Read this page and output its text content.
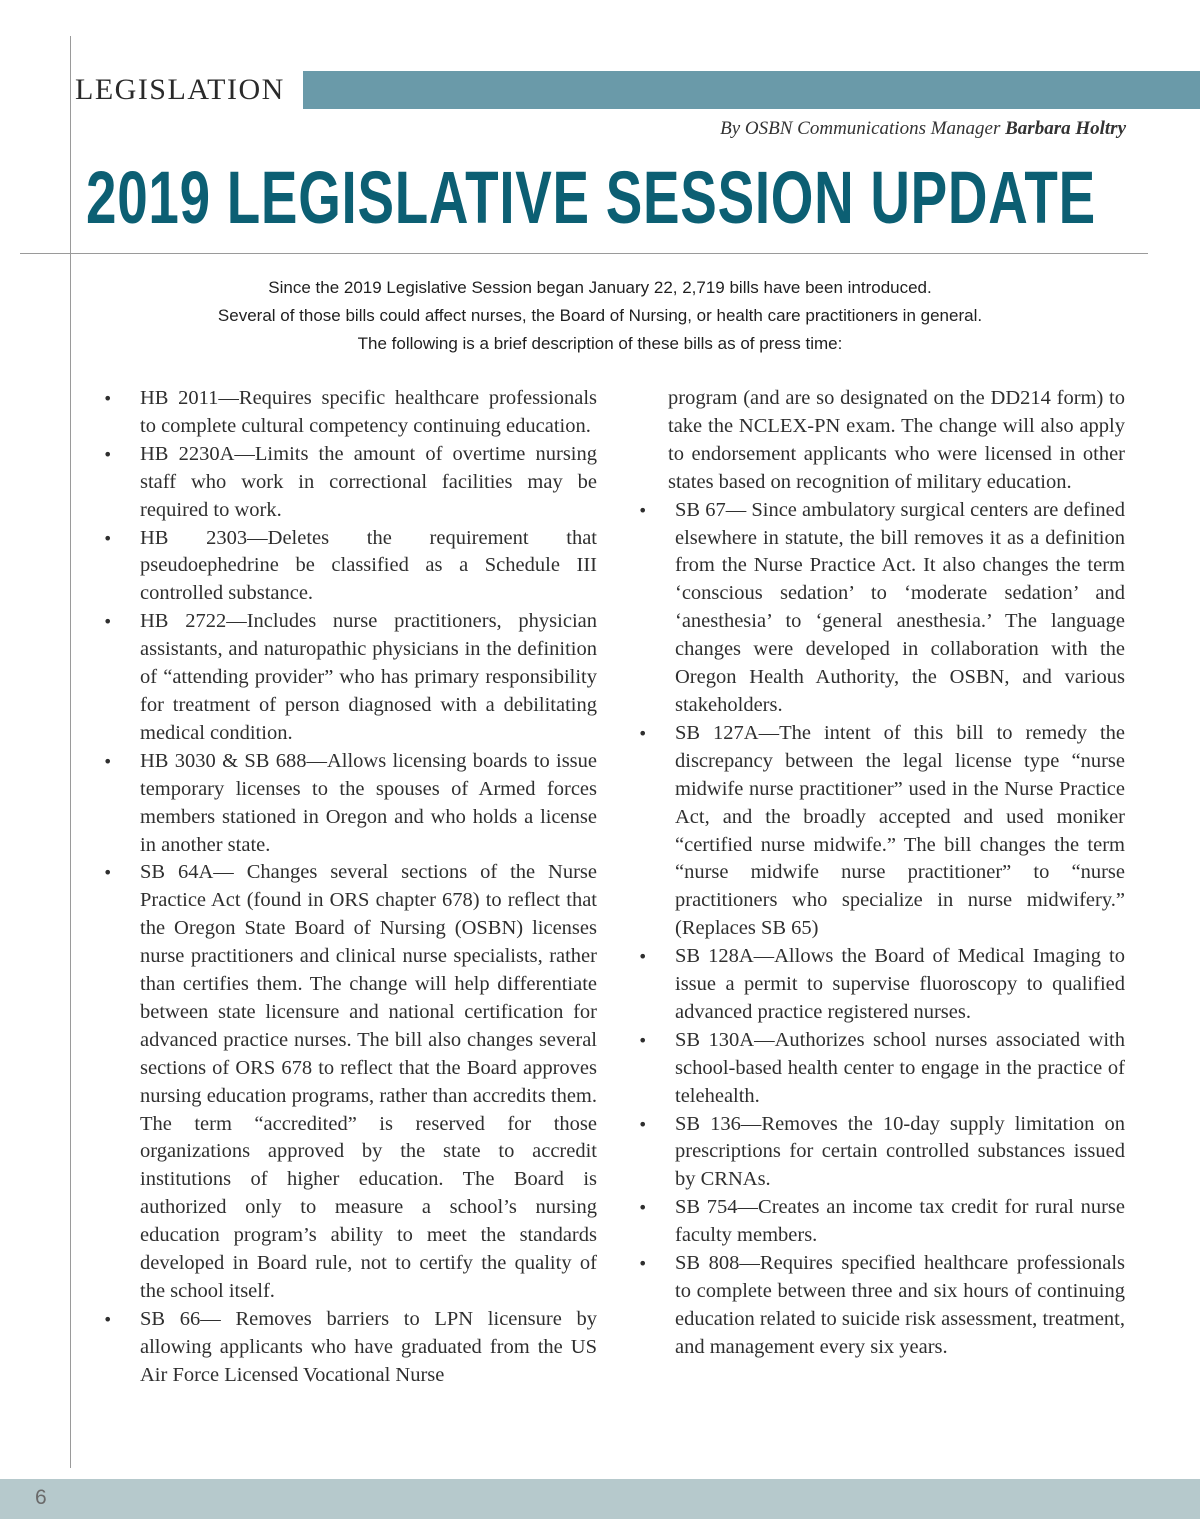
LEGISLATION
By OSBN Communications Manager Barbara Holtry
2019 LEGISLATIVE SESSION UPDATE
Since the 2019 Legislative Session began January 22, 2,719 bills have been introduced.
Several of those bills could affect nurses, the Board of Nursing, or health care practitioners in general.
The following is a brief description of these bills as of press time:
• HB 2011—Requires specific healthcare professionals to complete cultural competency continuing education.
• HB 2230A—Limits the amount of overtime nursing staff who work in correctional facilities may be required to work.
• HB 2303—Deletes the requirement that pseudoephedrine be classified as a Schedule III controlled substance.
• HB 2722—Includes nurse practitioners, physician assistants, and naturopathic physicians in the definition of “attending provider” who has primary responsibility for treatment of person diagnosed with a debilitating medical condition.
• HB 3030 & SB 688—Allows licensing boards to issue temporary licenses to the spouses of Armed forces members stationed in Oregon and who holds a license in another state.
• SB 64A— Changes several sections of the Nurse Practice Act (found in ORS chapter 678) to reflect that the Oregon State Board of Nursing (OSBN) licenses nurse practitioners and clinical nurse specialists, rather than certifies them. The change will help differentiate between state licensure and national certification for advanced practice nurses. The bill also changes several sections of ORS 678 to reflect that the Board approves nursing education programs, rather than accredits them. The term “accredited” is reserved for those organizations approved by the state to accredit institutions of higher education. The Board is authorized only to measure a school’s nursing education program’s ability to meet the standards developed in Board rule, not to certify the quality of the school itself.
• SB 66— Removes barriers to LPN licensure by allowing applicants who have graduated from the US Air Force Licensed Vocational Nurse
program (and are so designated on the DD214 form) to take the NCLEX-PN exam. The change will also apply to endorsement applicants who were licensed in other states based on recognition of military education.
• SB 67— Since ambulatory surgical centers are defined elsewhere in statute, the bill removes it as a definition from the Nurse Practice Act. It also changes the term ‘conscious sedation’ to ‘moderate sedation’ and ‘anesthesia’ to ‘general anesthesia.’ The language changes were developed in collaboration with the Oregon Health Authority, the OSBN, and various stakeholders.
• SB 127A—The intent of this bill to remedy the discrepancy between the legal license type “nurse midwife nurse practitioner” used in the Nurse Practice Act, and the broadly accepted and used moniker “certified nurse midwife.” The bill changes the term “nurse midwife nurse practitioner” to “nurse practitioners who specialize in nurse midwifery.” (Replaces SB 65)
• SB 128A—Allows the Board of Medical Imaging to issue a permit to supervise fluoroscopy to qualified advanced practice registered nurses.
• SB 130A—Authorizes school nurses associated with school-based health center to engage in the practice of telehealth.
• SB 136—Removes the 10-day supply limitation on prescriptions for certain controlled substances issued by CRNAs.
• SB 754—Creates an income tax credit for rural nurse faculty members.
• SB 808—Requires specified healthcare professionals to complete between three and six hours of continuing education related to suicide risk assessment, treatment, and management every six years.
6
